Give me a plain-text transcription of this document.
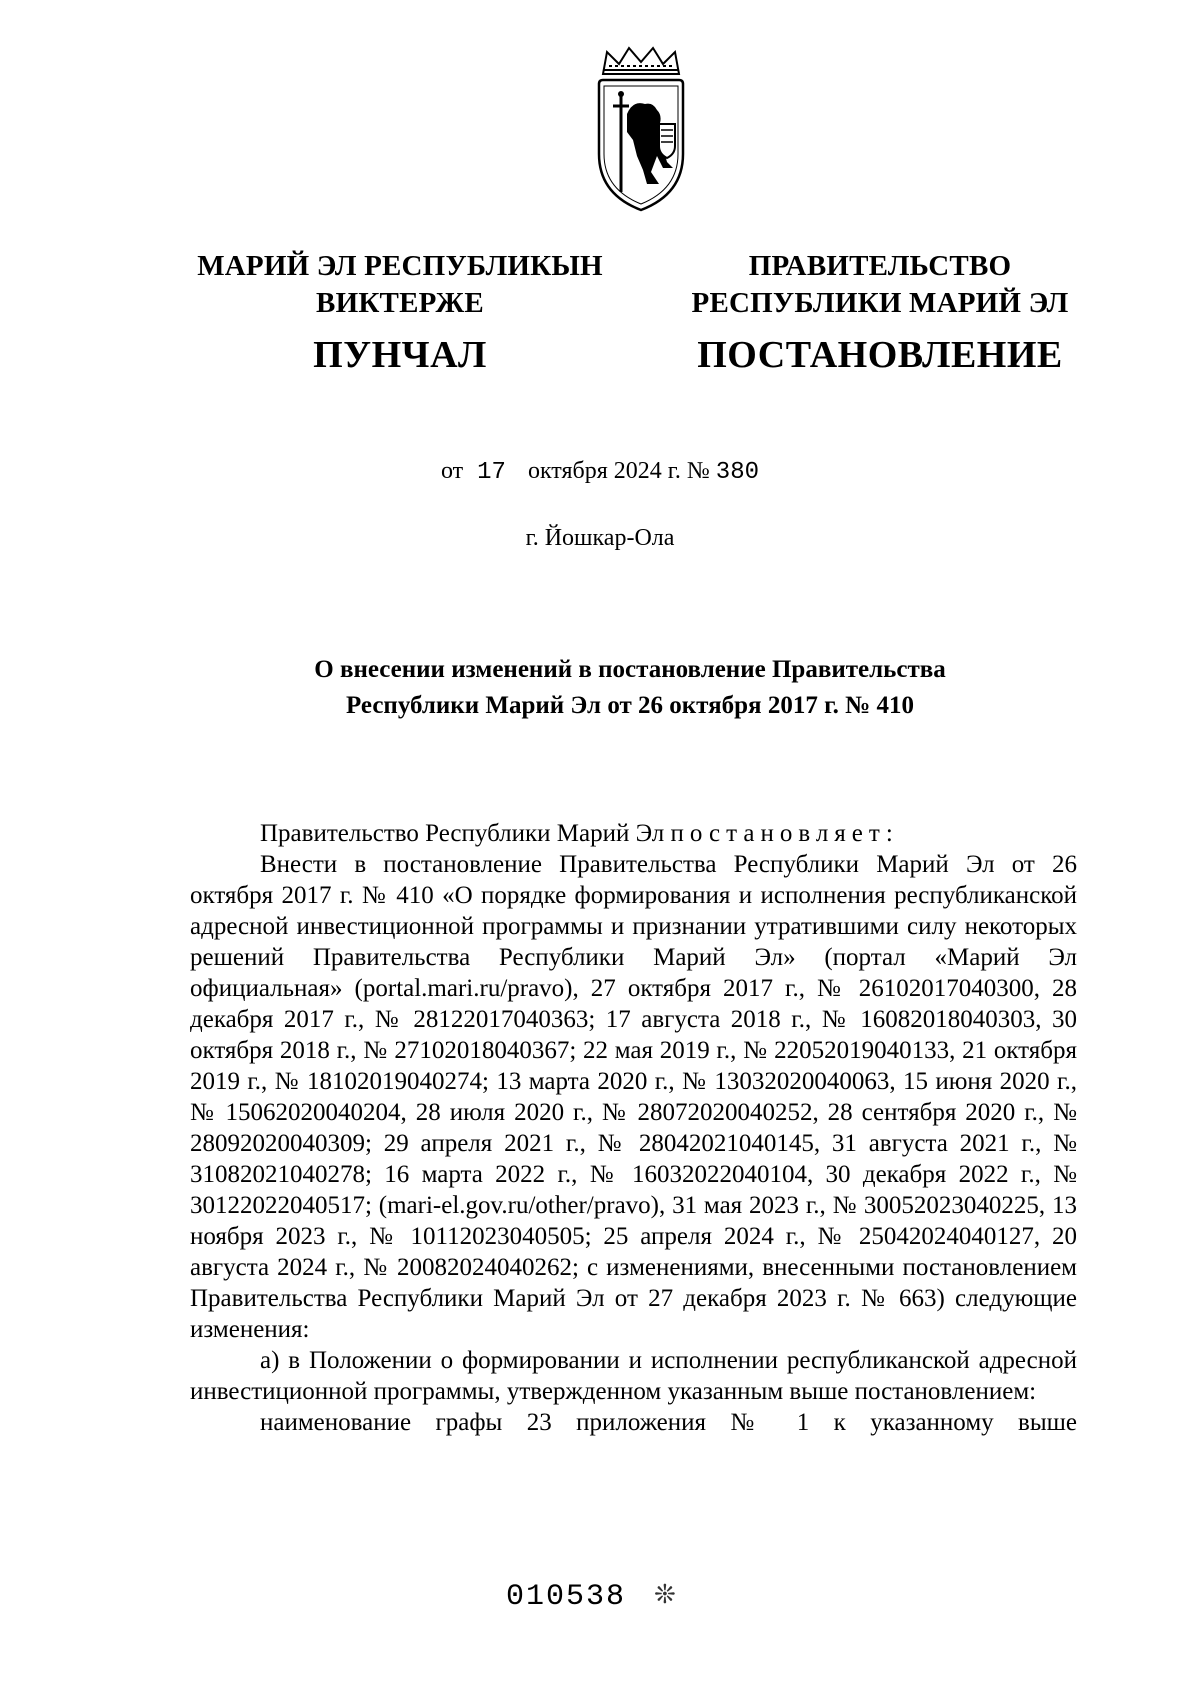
МАРИЙ ЭЛ РЕСПУБЛИКЫН
ВИКТЕРЖЕ
ПУНЧАЛ
ПРАВИТЕЛЬСТВО
РЕСПУБЛИКИ МАРИЙ ЭЛ
ПОСТАНОВЛЕНИЕ
от 17 октября 2024 г. № 380
г. Йошкар-Ола
О внесении изменений в постановление Правительства
Республики Марий Эл от 26 октября 2017 г. № 410

Правительство Республики Марий Эл постановляет:

Внести в постановление Правительства Республики Марий Эл от 26 октября 2017 г. № 410 «О порядке формирования и исполнения республиканской адресной инвестиционной программы и признании утратившими силу некоторых решений Правительства Республики Марий Эл» (портал «Марий Эл официальная» (portal.mari.ru/pravo), 27 октября 2017 г., № 26102017040300, 28 декабря 2017 г., № 28122017040363; 17 августа 2018 г., № 16082018040303, 30 октября 2018 г., № 27102018040367; 22 мая 2019 г., № 22052019040133, 21 октября 2019 г., № 18102019040274; 13 марта 2020 г., № 13032020040063, 15 июня 2020 г., № 15062020040204, 28 июля 2020 г., № 28072020040252, 28 сентября 2020 г., № 28092020040309; 29 апреля 2021 г., № 28042021040145, 31 августа 2021 г., № 31082021040278; 16 марта 2022 г., № 16032022040104, 30 декабря 2022 г., № 30122022040517; (mari-el.gov.ru/other/pravo), 31 мая 2023 г., № 30052023040225, 13 ноября 2023 г., № 10112023040505; 25 апреля 2024 г., № 25042024040127, 20 августа 2024 г., № 20082024040262; с изменениями, внесенными постановлением Правительства Республики Марий Эл от 27 декабря 2023 г. № 663) следующие изменения:

а) в Положении о формировании и исполнении республиканской адресной инвестиционной программы, утвержденном указанным выше постановлением:

наименование графы 23 приложения № 1 к указанному выше

010538 ❊
